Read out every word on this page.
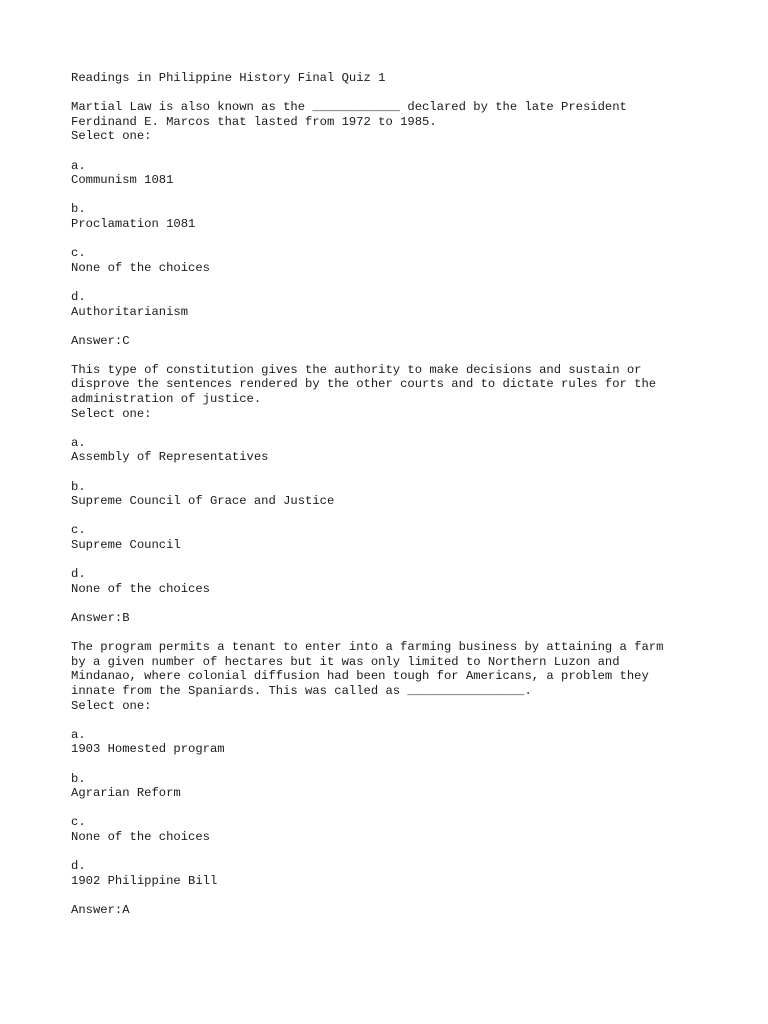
Readings in Philippine History Final Quiz 1
Martial Law is also known as the ____________ declared by the late President
Ferdinand E. Marcos that lasted from 1972 to 1985.
Select one:
a.
Communism 1081
b.
Proclamation 1081
c.
None of the choices
d.
Authoritarianism
Answer:C
This type of constitution gives the authority to make decisions and sustain or
disprove the sentences rendered by the other courts and to dictate rules for the
administration of justice.
Select one:
a.
Assembly of Representatives
b.
Supreme Council of Grace and Justice
c.
Supreme Council
d.
None of the choices
Answer:B
The program permits a tenant to enter into a farming business by attaining a farm
by a given number of hectares but it was only limited to Northern Luzon and
Mindanao, where colonial diffusion had been tough for Americans, a problem they
innate from the Spaniards. This was called as ________________.
Select one:
a.
1903 Homested program
b.
Agrarian Reform
c.
None of the choices
d.
1902 Philippine Bill
Answer:A
